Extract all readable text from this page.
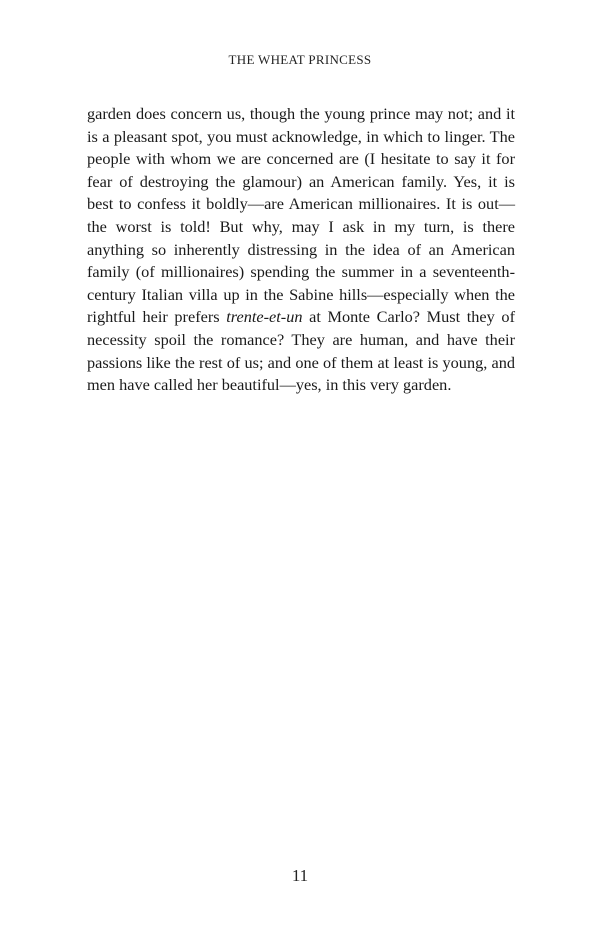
THE WHEAT PRINCESS

garden does concern us, though the young prince may not; and it is a pleasant spot, you must acknowledge, in which to linger. The people with whom we are concerned are (I hesitate to say it for fear of destroying the glamour) an American family. Yes, it is best to confess it boldly—are American millionaires. It is out—the worst is told! But why, may I ask in my turn, is there anything so inherently distressing in the idea of an American family (of millionaires) spending the summer in a seventeenth-century Italian villa up in the Sabine hills—especially when the rightful heir prefers trente-et-un at Monte Carlo? Must they of necessity spoil the romance? They are human, and have their passions like the rest of us; and one of them at least is young, and men have called her beautiful—yes, in this very garden.

11
